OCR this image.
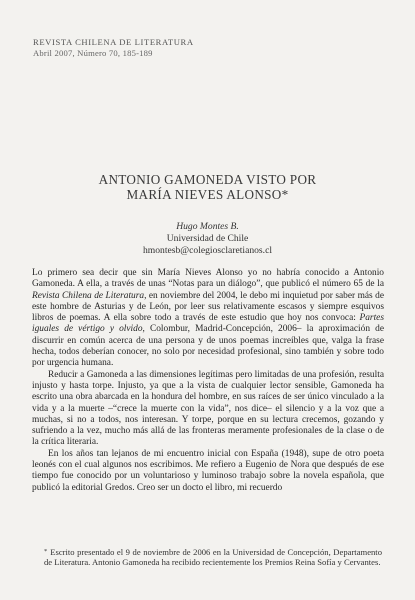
REVISTA CHILENA DE LITERATURA
Abril 2007, Número 70, 185-189
ANTONIO GAMONEDA VISTO POR
MARÍA NIEVES ALONSO*
Hugo Montes B.
Universidad de Chile
hmontesb@colegiosclaretianos.cl

Lo primero sea decir que sin María Nieves Alonso yo no habría conocido a Antonio Gamoneda. A ella, a través de unas “Notas para un diálogo”, que publicó el número 65 de la Revista Chilena de Literatura, en noviembre del 2004, le debo mi inquietud por saber más de este hombre de Asturias y de León, por leer sus relativamente escasos y siempre esquivos libros de poemas. A ella sobre todo a través de este estudio que hoy nos convoca: Partes iguales de vértigo y olvido, Colombur, Madrid-Concepción, 2006– la aproximación de discurrir en común acerca de una persona y de unos poemas increíbles que, valga la frase hecha, todos deberían conocer, no solo por necesidad profesional, sino también y sobre todo por urgencia humana.

Reducir a Gamoneda a las dimensiones legítimas pero limitadas de una profesión, resulta injusto y hasta torpe. Injusto, ya que a la vista de cualquier lector sensible, Gamoneda ha escrito una obra abarcada en la hondura del hombre, en sus raíces de ser único vinculado a la vida y a la muerte –“crece la muerte con la vida”, nos dice– el silencio y a la voz que a muchas, si no a todos, nos interesan. Y torpe, porque en su lectura crecemos, gozando y sufriendo a la vez, mucho más allá de las fronteras meramente profesionales de la clase o de la crítica literaria.

En los años tan lejanos de mi encuentro inicial con España (1948), supe de otro poeta leonés con el cual algunos nos escribimos. Me refiero a Eugenio de Nora que después de ese tiempo fue conocido por un voluntarioso y luminoso trabajo sobre la novela española, que publicó la editorial Gredos. Creo ser un docto el libro, mi recuerdo

* Escrito presentado el 9 de noviembre de 2006 en la Universidad de Concepción, Departamento de Literatura. Antonio Gamoneda ha recibido recientemente los Premios Reina Sofía y Cervantes.
